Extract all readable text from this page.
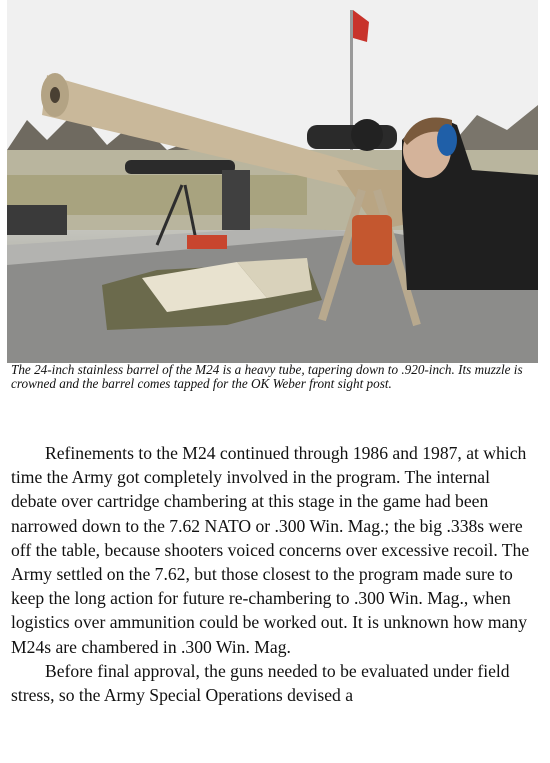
The 24-inch stainless barrel of the M24 is a heavy tube, tapering down to .920-inch. Its muzzle is crowned and the barrel comes tapped for the OK Weber front sight post.

Refinements to the M24 continued through 1986 and 1987, at which time the Army got completely involved in the program. The internal debate over cartridge chambering at this stage in the game had been narrowed down to the 7.62 NATO or .300 Win. Mag.; the big .338s were off the table, because shooters voiced concerns over excessive recoil. The Army settled on the 7.62, but those closest to the program made sure to keep the long action for future re-chambering to .300 Win. Mag., when logistics over ammunition could be worked out. It is unknown how many M24s are chambered in .300 Win. Mag.

Before final approval, the guns needed to be evaluated under field stress, so the Army Special Operations devised a
